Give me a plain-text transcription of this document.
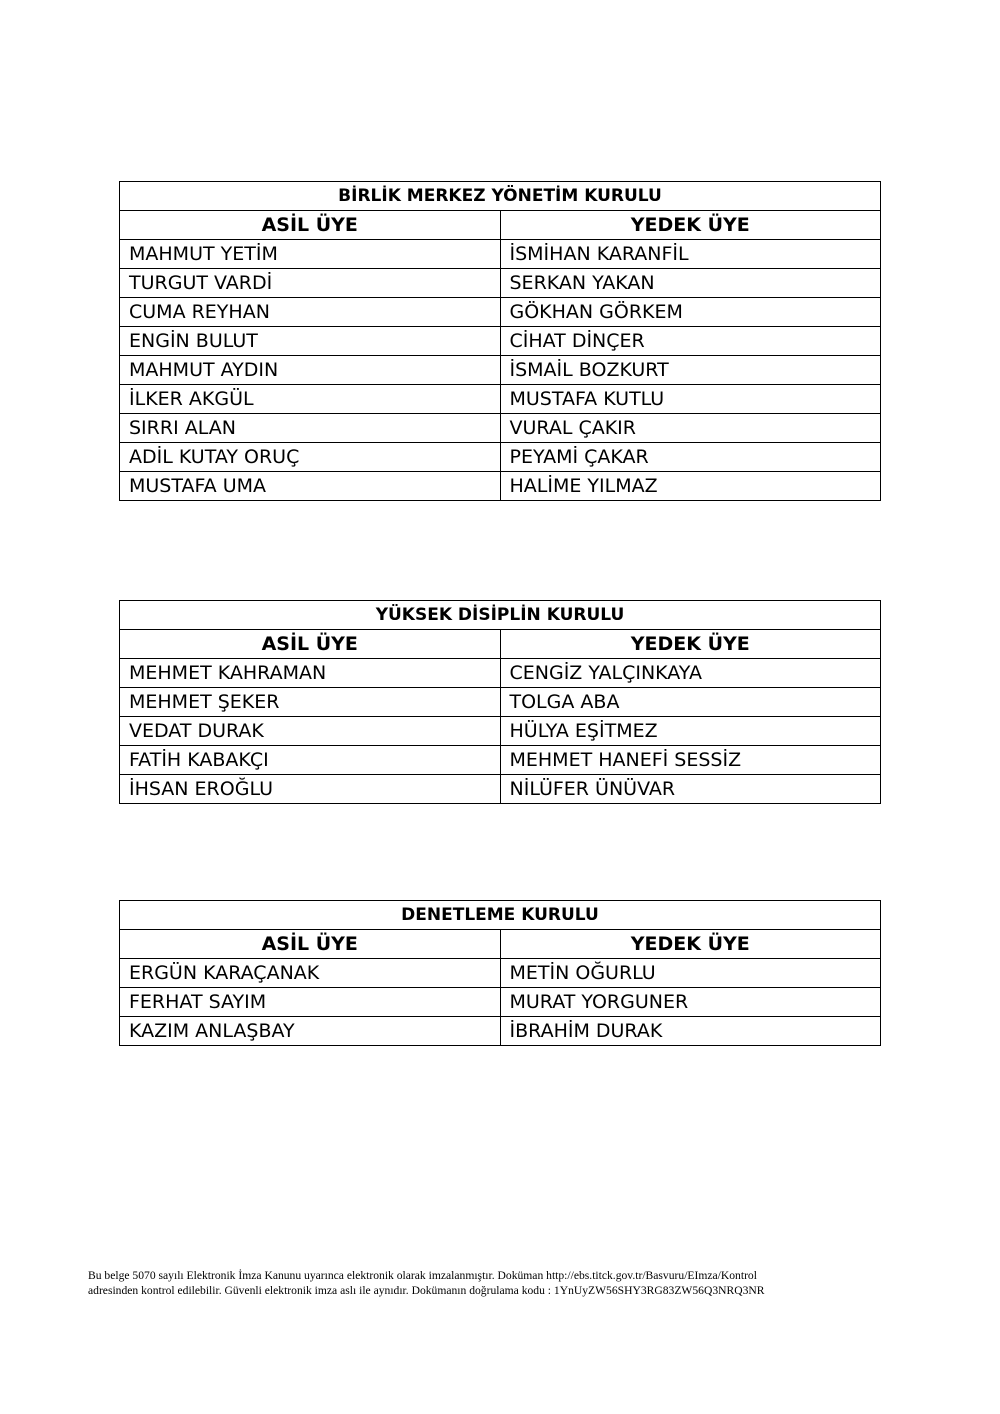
BİRLİK MERKEZ YÖNETİM KURULU	
ASİL ÜYE	YEDEK ÜYE
MAHMUT YETİM	İSMİHAN KARANFİL
TURGUT VARDİ	SERKAN YAKAN
CUMA REYHAN	GÖKHAN GÖRKEM
ENGİN BULUT	CİHAT DİNÇER
MAHMUT AYDIN	İSMAİL BOZKURT
İLKER AKGÜL	MUSTAFA KUTLU
SIRRI ALAN	VURAL ÇAKIR
ADİL KUTAY ORUÇ	PEYAMİ ÇAKAR
MUSTAFA UMA	HALİME YILMAZ
YÜKSEK DİSİPLİN KURULU	
ASİL ÜYE	YEDEK ÜYE
MEHMET KAHRAMAN	CENGİZ YALÇINKAYA
MEHMET ŞEKER	TOLGA ABA
VEDAT DURAK	HÜLYA EŞİTMEZ
FATİH KABAKÇI	MEHMET HANEFİ SESSİZ
İHSAN EROĞLU	NİLÜFER ÜNÜVAR
DENETLEME KURULU	
ASİL ÜYE	YEDEK ÜYE
ERGÜN KARAÇANAK	METİN OĞURLU
FERHAT SAYIM	MURAT YORGUNER
KAZIM ANLAŞBAY	İBRAHİM DURAK
Bu belge 5070 sayılı Elektronik İmza Kanunu uyarınca elektronik olarak imzalanmıştır. Doküman http://ebs.titck.gov.tr/Basvuru/EImza/Kontrol
adresinden kontrol edilebilir. Güvenli elektronik imza aslı ile aynıdır. Dokümanın doğrulama kodu : 1YnUyZW56SHY3RG83ZW56Q3NRQ3NR
